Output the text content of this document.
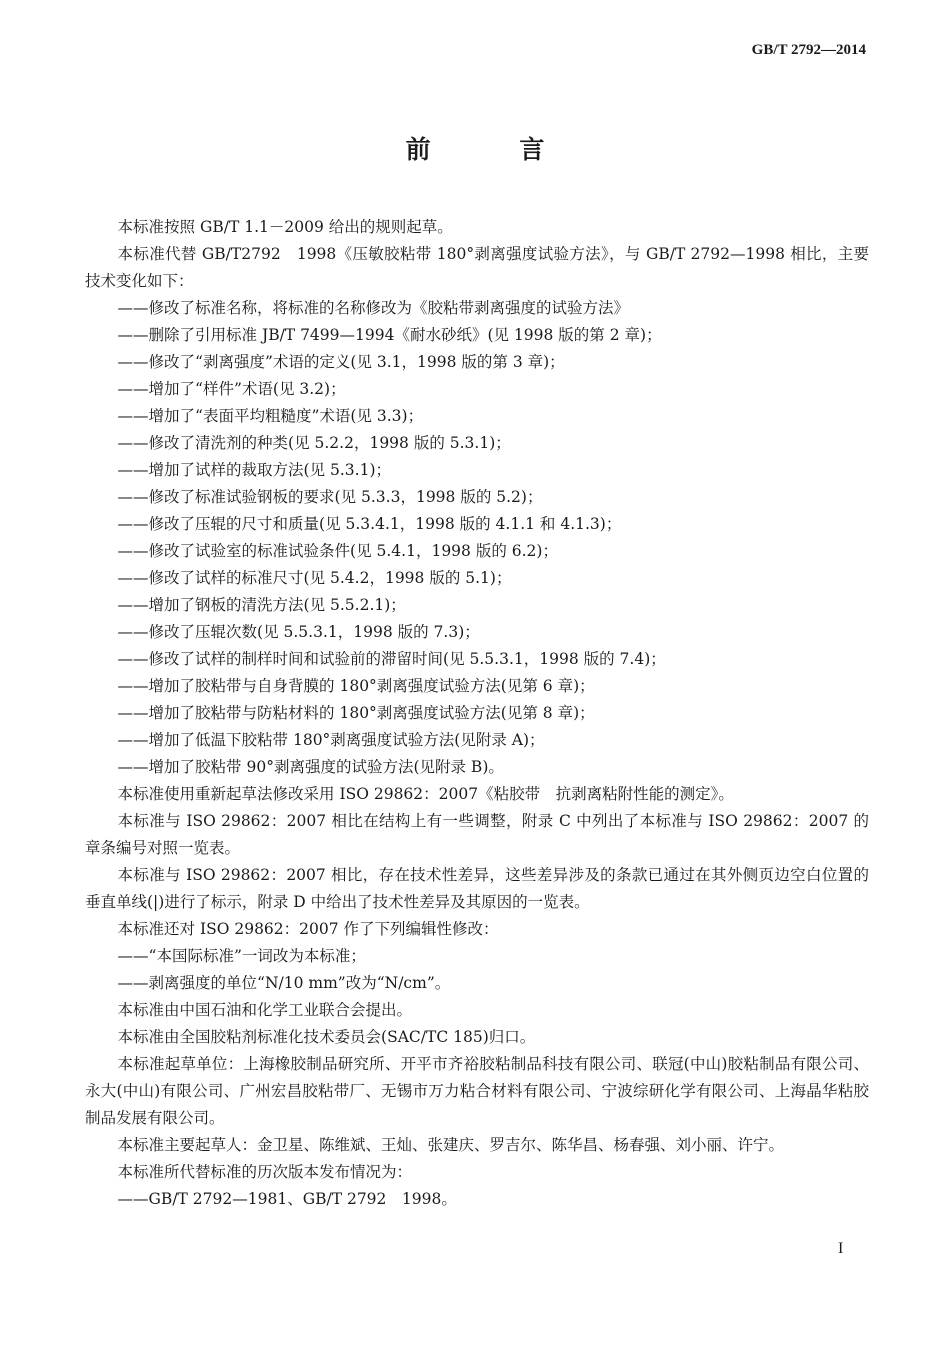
GB/T 2792—2014
前 言

本标准按照 GB/T 1.1－2009 给出的规则起草。

本标准代替 GB/T2792　1998《压敏胶粘带 180°剥离强度试验方法》，与 GB/T 2792—1998 相比，主要技术变化如下：

——修改了标准名称，将标准的名称修改为《胶粘带剥离强度的试验方法》

——删除了引用标准 JB/T 7499—1994《耐水砂纸》(见 1998 版的第 2 章)；

——修改了“剥离强度”术语的定义(见 3.1，1998 版的第 3 章)；

——增加了“样件”术语(见 3.2)；

——增加了“表面平均粗糙度”术语(见 3.3)；

——修改了清洗剂的种类(见 5.2.2，1998 版的 5.3.1)；

——增加了试样的裁取方法(见 5.3.1)；

——修改了标准试验钢板的要求(见 5.3.3，1998 版的 5.2)；

——修改了压辊的尺寸和质量(见 5.3.4.1，1998 版的 4.1.1 和 4.1.3)；

——修改了试验室的标准试验条件(见 5.4.1，1998 版的 6.2)；

——修改了试样的标准尺寸(见 5.4.2，1998 版的 5.1)；

——增加了钢板的清洗方法(见 5.5.2.1)；

——修改了压辊次数(见 5.5.3.1，1998 版的 7.3)；

——修改了试样的制样时间和试验前的滞留时间(见 5.5.3.1，1998 版的 7.4)；

——增加了胶粘带与自身背膜的 180°剥离强度试验方法(见第 6 章)；

——增加了胶粘带与防粘材料的 180°剥离强度试验方法(见第 8 章)；

——增加了低温下胶粘带 180°剥离强度试验方法(见附录 A)；

——增加了胶粘带 90°剥离强度的试验方法(见附录 B)。

本标准使用重新起草法修改采用 ISO 29862：2007《粘胶带　抗剥离粘附性能的测定》。

本标准与 ISO 29862：2007 相比在结构上有一些调整，附录 C 中列出了本标准与 ISO 29862：2007 的章条编号对照一览表。

本标准与 ISO 29862：2007 相比，存在技术性差异，这些差异涉及的条款已通过在其外侧页边空白位置的垂直单线(|)进行了标示，附录 D 中给出了技术性差异及其原因的一览表。

本标准还对 ISO 29862：2007 作了下列编辑性修改：

——“本国际标准”一词改为本标准；

——剥离强度的单位“N/10 mm”改为“N/cm”。

本标准由中国石油和化学工业联合会提出。

本标准由全国胶粘剂标准化技术委员会(SAC/TC 185)归口。

本标准起草单位：上海橡胶制品研究所、开平市齐裕胶粘制品科技有限公司、联冠(中山)胶粘制品有限公司、永大(中山)有限公司、广州宏昌胶粘带厂、无锡市万力粘合材料有限公司、宁波综研化学有限公司、上海晶华粘胶制品发展有限公司。

本标准主要起草人：金卫星、陈维斌、王灿、张建庆、罗吉尔、陈华昌、杨春强、刘小丽、许宁。

本标准所代替标准的历次版本发布情况为：

——GB/T 2792—1981、GB/T 2792　1998。

I
